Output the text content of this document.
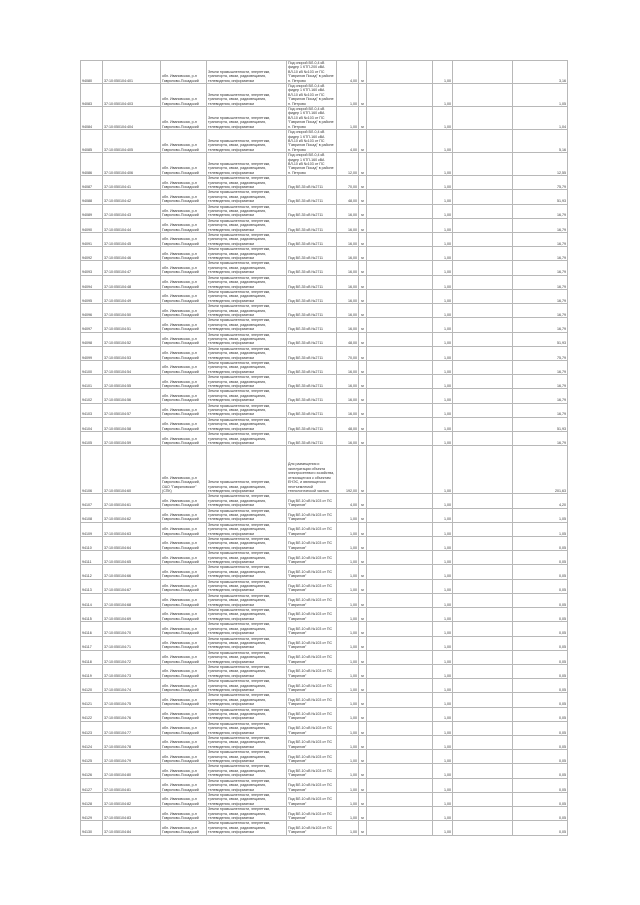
94080	37:10:050104:401	обл. Ивановская, р-н Гаврилово-Посадский	Земли промышленности, энергетики, транспорта, связи, радиовещания, телевидения, информатики	Под опорой ВЛ-0,4 кВ фидер 1 КТП-200 кВА ВЛ-10 кВ №103 от ПС "Гаврилов Посад" в районе п. Петрово	4,00	м		1,00		3,16
94083	37:10:050104:403	обл. Ивановская, р-н Гаврилово-Посадский	Земли промышленности, энергетики, транспорта, связи, радиовещания, телевидения, информатики	Под опорой ВЛ-0,4 кВ фидер 1 КТП-160 кВА ВЛ-10 кВ №103 от ПС "Гаврилов Посад" в районе п. Петрово	1,00	м		1,00		1,05
94084	37:10:050104:404	обл. Ивановская, р-н Гаврилово-Посадский	Земли промышленности, энергетики, транспорта, связи, радиовещания, телевидения, информатики	Под опорой ВЛ-0,4 кВ фидер 1 КТП-160 кВА ВЛ-10 кВ №103 от ПС "Гаврилов Посад" в районе п. Петрово	1,00	м		1,00		1,04
94085	37:10:050104:405	обл. Ивановская, р-н Гаврилово-Посадский	Земли промышленности, энергетики, транспорта, связи, радиовещания, телевидения, информатики	Под опорой ВЛ-0,4 кВ фидер 1 КТП-160 кВА ВЛ-10 кВ №103 от ПС "Гаврилов Посад" в районе п. Петрово	4,00	м		1,00		5,16
94086	37:10:050104:406	обл. Ивановская, р-н Гаврилово-Посадский	Земли промышленности, энергетики, транспорта, связи, радиовещания, телевидения, информатики	Под опорой ВЛ-0,4 кВ фидер 1 КТП-160 кВА ВЛ-10 кВ №103 от ПС "Гаврилов Посад" в районе п. Петрово	12,00	м		1,00		12,55
94087	37:10:050104:41	обл. Ивановская, р-н Гаврилово-Посадский	Земли промышленности, энергетики, транспорта, связи, радиовещания, телевидения, информатики	Под ВЛ-35 кВ №2711	70,00	м		1,00		75,79
94088	37:10:050104:42	обл. Ивановская, р-н Гаврилово-Посадский	Земли промышленности, энергетики, транспорта, связи, радиовещания, телевидения, информатики	Под ВЛ-35 кВ №2711	48,00	м		1,00		51,93
94089	37:10:050104:43	обл. Ивановская, р-н Гаврилово-Посадский	Земли промышленности, энергетики, транспорта, связи, радиовещания, телевидения, информатики	Под ВЛ-35 кВ №2711	16,00	м		1,00		16,79
94090	37:10:050104:44	обл. Ивановская, р-н Гаврилово-Посадский	Земли промышленности, энергетики, транспорта, связи, радиовещания, телевидения, информатики	Под ВЛ-35 кВ №2711	16,00	м		1,00		16,79
94091	37:10:050104:45	обл. Ивановская, р-н Гаврилово-Посадский	Земли промышленности, энергетики, транспорта, связи, радиовещания, телевидения, информатики	Под ВЛ-35 кВ №2711	16,00	м		1,00		16,79
94092	37:10:050104:46	обл. Ивановская, р-н Гаврилово-Посадский	Земли промышленности, энергетики, транспорта, связи, радиовещания, телевидения, информатики	Под ВЛ-35 кВ №2711	16,00	м		1,00		16,79
94093	37:10:050104:47	обл. Ивановская, р-н Гаврилово-Посадский	Земли промышленности, энергетики, транспорта, связи, радиовещания, телевидения, информатики	Под ВЛ-35 кВ №2711	16,00	м		1,00		16,79
94094	37:10:050104:48	обл. Ивановская, р-н Гаврилово-Посадский	Земли промышленности, энергетики, транспорта, связи, радиовещания, телевидения, информатики	Под ВЛ-35 кВ №2711	16,00	м		1,00		16,79
94095	37:10:050104:49	обл. Ивановская, р-н Гаврилово-Посадский	Земли промышленности, энергетики, транспорта, связи, радиовещания, телевидения, информатики	Под ВЛ-35 кВ №2711	16,00	м		1,00		16,79
94096	37:10:050104:50	обл. Ивановская, р-н Гаврилово-Посадский	Земли промышленности, энергетики, транспорта, связи, радиовещания, телевидения, информатики	Под ВЛ-35 кВ №2711	16,00	м		1,00		16,79
94097	37:10:050104:51	обл. Ивановская, р-н Гаврилово-Посадский	Земли промышленности, энергетики, транспорта, связи, радиовещания, телевидения, информатики	Под ВЛ-35 кВ №2711	16,00	м		1,00		16,79
94098	37:10:050104:52	обл. Ивановская, р-н Гаврилово-Посадский	Земли промышленности, энергетики, транспорта, связи, радиовещания, телевидения, информатики	Под ВЛ-35 кВ №2711	48,00	м		1,00		51,93
94099	37:10:050104:53	обл. Ивановская, р-н Гаврилово-Посадский	Земли промышленности, энергетики, транспорта, связи, радиовещания, телевидения, информатики	Под ВЛ-35 кВ №2711	70,00	м		1,00		75,79
94100	37:10:050104:54	обл. Ивановская, р-н Гаврилово-Посадский	Земли промышленности, энергетики, транспорта, связи, радиовещания, телевидения, информатики	Под ВЛ-35 кВ №2711	16,00	м		1,00		16,79
94101	37:10:050104:55	обл. Ивановская, р-н Гаврилово-Посадский	Земли промышленности, энергетики, транспорта, связи, радиовещания, телевидения, информатики	Под ВЛ-35 кВ №2711	16,00	м		1,00		16,79
94102	37:10:050104:56	обл. Ивановская, р-н Гаврилово-Посадский	Земли промышленности, энергетики, транспорта, связи, радиовещания, телевидения, информатики	Под ВЛ-35 кВ №2711	16,00	м		1,00		16,79
94103	37:10:050104:57	обл. Ивановская, р-н Гаврилово-Посадский	Земли промышленности, энергетики, транспорта, связи, радиовещания, телевидения, информатики	Под ВЛ-35 кВ №2711	16,00	м		1,00		16,79
94104	37:10:050104:58	обл. Ивановская, р-н Гаврилово-Посадский	Земли промышленности, энергетики, транспорта, связи, радиовещания, телевидения, информатики	Под ВЛ-35 кВ №2711	48,00	м		1,00		51,93
94105	37:10:050104:59	обл. Ивановская, р-н Гаврилово-Посадский	Земли промышленности, энергетики, транспорта, связи, радиовещания, телевидения, информатики	Под ВЛ-35 кВ №2711	16,00	м		1,00		16,79
94106	37:10:050104:60	обл. Ивановская, р-н Гаврилово-Посадский, ОАО "Гавриловское" (СПК)	Земли промышленности, энергетики, транспорта, связи, радиовещания, телевидения, информатики	Для размещения и эксплуатации объекта электросетевого хозяйства, относящегося к объектам ЕНЭС, и являющегося неотъемлемой технологической частью	192,00	м		1,00		201,63
94107	37:10:050104:61	обл. Ивановская, р-н Гаврилово-Посадский	Земли промышленности, энергетики, транспорта, связи, радиовещания, телевидения, информатики	Под ВЛ-10 кВ №103 от ПС "Гаврилов"	4,00	м		1,00		4,20
94108	37:10:050104:62	обл. Ивановская, р-н Гаврилово-Посадский	Земли промышленности, энергетики, транспорта, связи, радиовещания, телевидения, информатики	Под ВЛ-10 кВ №103 от ПС "Гаврилов"	1,00	м		1,00		1,05
94109	37:10:050104:63	обл. Ивановская, р-н Гаврилово-Посадский	Земли промышленности, энергетики, транспорта, связи, радиовещания, телевидения, информатики	Под ВЛ-10 кВ №103 от ПС "Гаврилов"	1,00	м		1,00		1,05
94110	37:10:050104:64	обл. Ивановская, р-н Гаврилово-Посадский	Земли промышленности, энергетики, транспорта, связи, радиовещания, телевидения, информатики	Под ВЛ-10 кВ №103 от ПС "Гаврилов"	1,00	м		1,00		0,05
94111	37:10:050104:65	обл. Ивановская, р-н Гаврилово-Посадский	Земли промышленности, энергетики, транспорта, связи, радиовещания, телевидения, информатики	Под ВЛ-10 кВ №103 от ПС "Гаврилов"	1,00	м		1,00		0,05
94112	37:10:050104:66	обл. Ивановская, р-н Гаврилово-Посадский	Земли промышленности, энергетики, транспорта, связи, радиовещания, телевидения, информатики	Под ВЛ-10 кВ №103 от ПС "Гаврилов"	1,00	м		1,00		0,05
94113	37:10:050104:67	обл. Ивановская, р-н Гаврилово-Посадский	Земли промышленности, энергетики, транспорта, связи, радиовещания, телевидения, информатики	Под ВЛ-10 кВ №103 от ПС "Гаврилов"	1,00	м		1,00		0,05
94114	37:10:050104:68	обл. Ивановская, р-н Гаврилово-Посадский	Земли промышленности, энергетики, транспорта, связи, радиовещания, телевидения, информатики	Под ВЛ-10 кВ №103 от ПС "Гаврилов"	1,00	м		1,00		0,05
94115	37:10:050104:69	обл. Ивановская, р-н Гаврилово-Посадский	Земли промышленности, энергетики, транспорта, связи, радиовещания, телевидения, информатики	Под ВЛ-10 кВ №103 от ПС "Гаврилов"	1,00	м		1,00		0,05
94116	37:10:050104:70	обл. Ивановская, р-н Гаврилово-Посадский	Земли промышленности, энергетики, транспорта, связи, радиовещания, телевидения, информатики	Под ВЛ-10 кВ №103 от ПС "Гаврилов"	1,00	м		1,00		0,05
94117	37:10:050104:71	обл. Ивановская, р-н Гаврилово-Посадский	Земли промышленности, энергетики, транспорта, связи, радиовещания, телевидения, информатики	Под ВЛ-10 кВ №103 от ПС "Гаврилов"	1,00	м		1,00		0,05
94118	37:10:050104:72	обл. Ивановская, р-н Гаврилово-Посадский	Земли промышленности, энергетики, транспорта, связи, радиовещания, телевидения, информатики	Под ВЛ-10 кВ №103 от ПС "Гаврилов"	1,00	м		1,00		0,05
94119	37:10:050104:73	обл. Ивановская, р-н Гаврилово-Посадский	Земли промышленности, энергетики, транспорта, связи, радиовещания, телевидения, информатики	Под ВЛ-10 кВ №103 от ПС "Гаврилов"	1,00	м		1,00		0,05
94120	37:10:050104:74	обл. Ивановская, р-н Гаврилово-Посадский	Земли промышленности, энергетики, транспорта, связи, радиовещания, телевидения, информатики	Под ВЛ-10 кВ №103 от ПС "Гаврилов"	1,00	м		1,00		0,05
94121	37:10:050104:75	обл. Ивановская, р-н Гаврилово-Посадский	Земли промышленности, энергетики, транспорта, связи, радиовещания, телевидения, информатики	Под ВЛ-10 кВ №103 от ПС "Гаврилов"	1,00	м		1,00		0,05
94122	37:10:050104:76	обл. Ивановская, р-н Гаврилово-Посадский	Земли промышленности, энергетики, транспорта, связи, радиовещания, телевидения, информатики	Под ВЛ-10 кВ №103 от ПС "Гаврилов"	1,00	м		1,00		0,05
94123	37:10:050104:77	обл. Ивановская, р-н Гаврилово-Посадский	Земли промышленности, энергетики, транспорта, связи, радиовещания, телевидения, информатики	Под ВЛ-10 кВ №103 от ПС "Гаврилов"	1,00	м		1,00		0,05
94124	37:10:050104:78	обл. Ивановская, р-н Гаврилово-Посадский	Земли промышленности, энергетики, транспорта, связи, радиовещания, телевидения, информатики	Под ВЛ-10 кВ №103 от ПС "Гаврилов"	1,00	м		1,00		0,05
94125	37:10:050104:79	обл. Ивановская, р-н Гаврилово-Посадский	Земли промышленности, энергетики, транспорта, связи, радиовещания, телевидения, информатики	Под ВЛ-10 кВ №103 от ПС "Гаврилов"	1,00	м		1,00		0,05
94126	37:10:050104:80	обл. Ивановская, р-н Гаврилово-Посадский	Земли промышленности, энергетики, транспорта, связи, радиовещания, телевидения, информатики	Под ВЛ-10 кВ №103 от ПС "Гаврилов"	1,00	м		1,00		0,05
94127	37:10:050104:81	обл. Ивановская, р-н Гаврилово-Посадский	Земли промышленности, энергетики, транспорта, связи, радиовещания, телевидения, информатики	Под ВЛ-10 кВ №103 от ПС "Гаврилов"	1,00	м		1,00		0,05
94128	37:10:050104:82	обл. Ивановская, р-н Гаврилово-Посадский	Земли промышленности, энергетики, транспорта, связи, радиовещания, телевидения, информатики	Под ВЛ-10 кВ №103 от ПС "Гаврилов"	1,00	м		1,00		0,05
94129	37:10:050104:83	обл. Ивановская, р-н Гаврилово-Посадский	Земли промышленности, энергетики, транспорта, связи, радиовещания, телевидения, информатики	Под ВЛ-10 кВ №103 от ПС "Гаврилов"	1,00	м		1,00		0,05
94130	37:10:050104:84	обл. Ивановская, р-н Гаврилово-Посадский	Земли промышленности, энергетики, транспорта, связи, радиовещания, телевидения, информатики	Под ВЛ-10 кВ №103 от ПС "Гаврилов"	1,00	м		1,00		0,05
